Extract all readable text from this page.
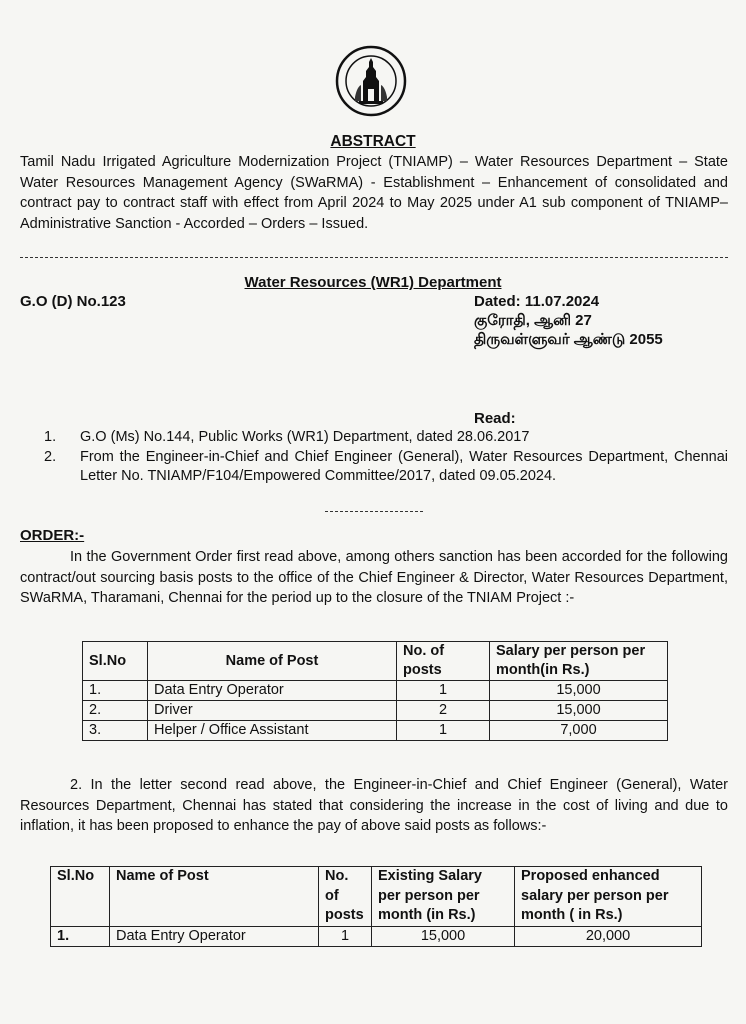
ABSTRACT
Tamil Nadu Irrigated Agriculture Modernization Project (TNIAMP) – Water Resources Department – State Water Resources Management Agency (SWaRMA) - Establishment – Enhancement of consolidated and contract pay to contract staff with effect from April 2024 to May 2025 under A1 sub component of TNIAMP– Administrative Sanction - Accorded – Orders – Issued.
Water Resources (WR1) Department
G.O (D) No.123	Dated: 11.07.2024
குரோதி, ஆனி 27
திருவள்ளுவர் ஆண்டு 2055
Read:
1.	G.O (Ms) No.144, Public Works (WR1) Department, dated 28.06.2017
2.	From the Engineer-in-Chief and Chief Engineer (General), Water Resources Department, Chennai Letter No. TNIAMP/F104/Empowered Committee/2017, dated 09.05.2024.
ORDER:-
In the Government Order first read above, among others sanction has been accorded for the following contract/out sourcing basis posts to the office of the Chief Engineer & Director, Water Resources Department, SWaRMA, Tharamani, Chennai for the period up to the closure of the TNIAM Project :-
Sl.No	Name of Post	No. of posts	Salary per person per month(in Rs.)
1.	Data Entry Operator	1	15,000
2.	Driver	2	15,000
3.	Helper / Office Assistant	1	7,000
2. In the letter second read above, the Engineer-in-Chief and Chief Engineer (General), Water Resources Department, Chennai has stated that considering the increase in the cost of living and due to inflation, it has been proposed to enhance the pay of above said posts as follows:-
Sl.No	Name of Post	No. of posts	Existing Salary per person per month (in Rs.)	Proposed enhanced salary per person per month ( in Rs.)
1.	Data Entry Operator	1	15,000	20,000
